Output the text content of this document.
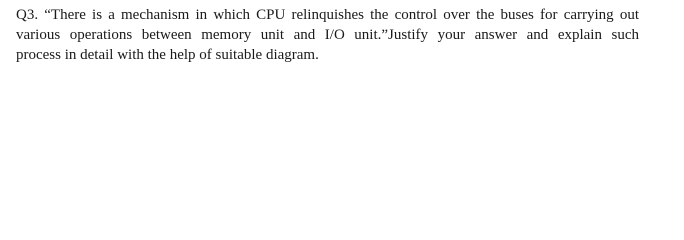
Q3. “There is a mechanism in which CPU relinquishes the control over the buses for carrying out
various operations between memory unit and I/O unit.”Justify your answer and explain such
process in detail with the help of suitable diagram.
